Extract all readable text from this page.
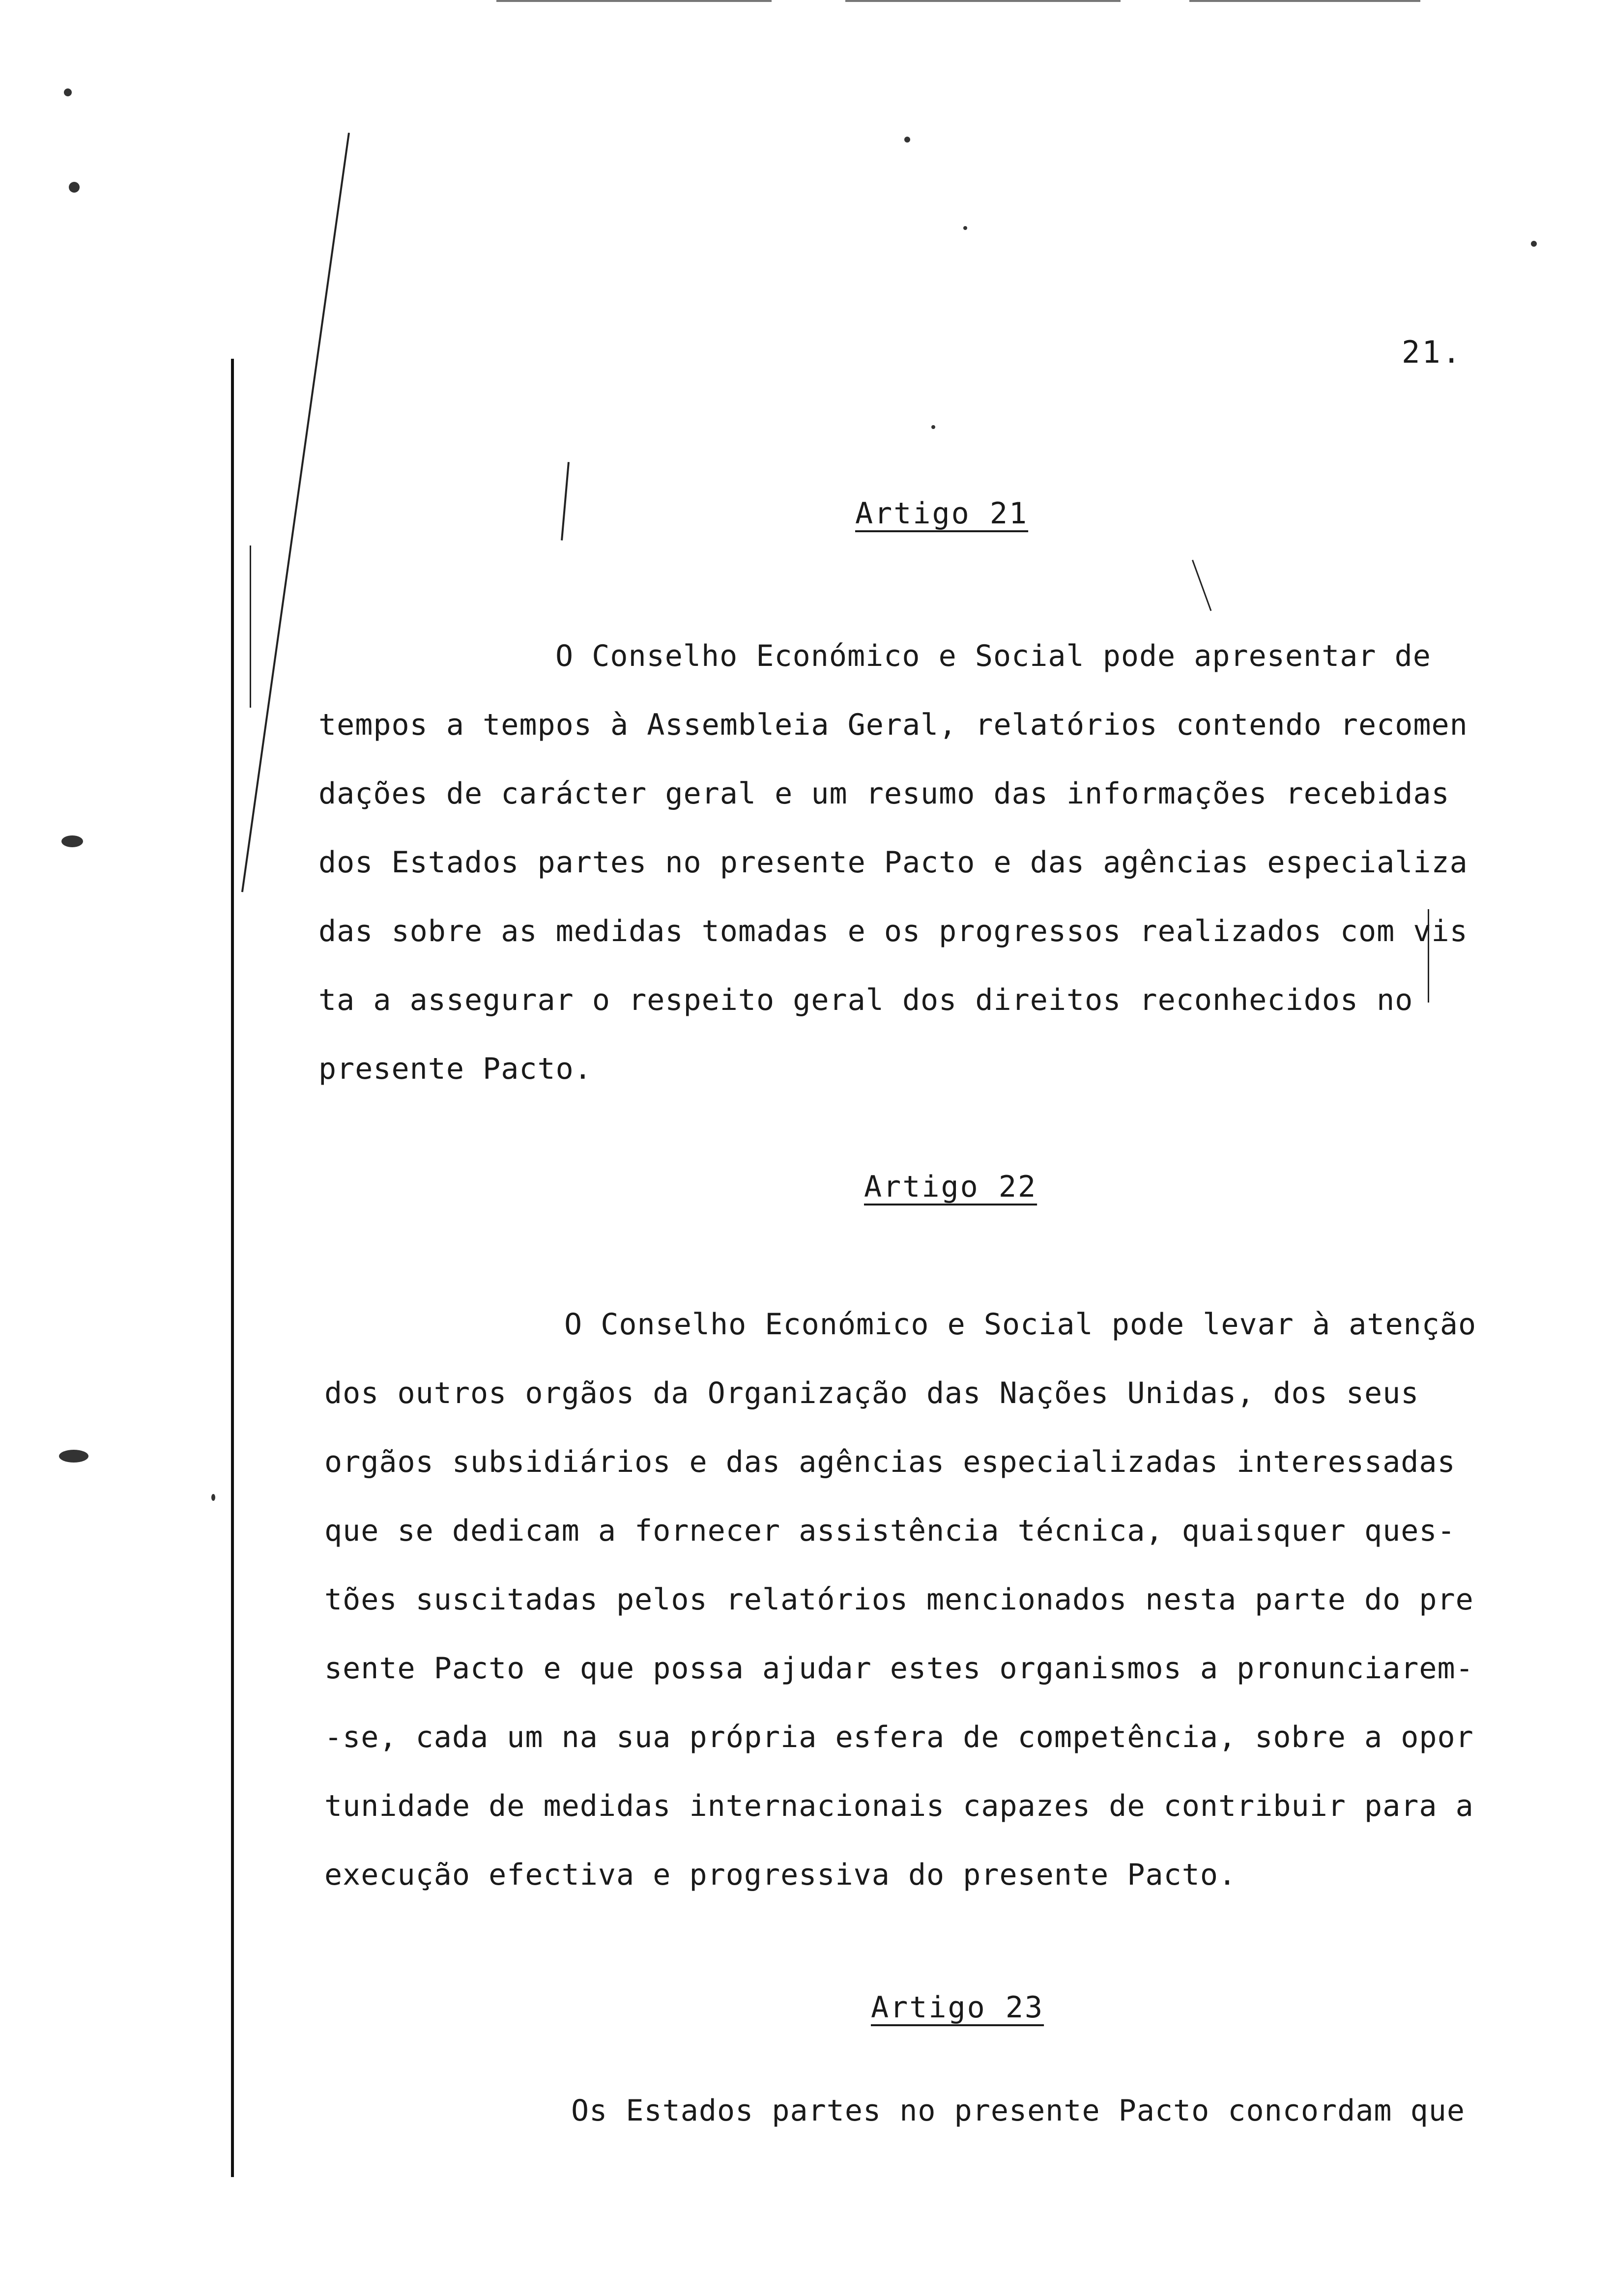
21.
Artigo 21
O Conselho Económico e Social pode apresentar de
tempos a tempos à Assembleia Geral, relatórios contendo recomen
dações de carácter geral e um resumo das informações recebidas
dos Estados partes no presente Pacto e das agências especializa
das sobre as medidas tomadas e os progressos realizados com vis
ta a assegurar o respeito geral dos direitos reconhecidos no
presente Pacto.
Artigo 22
O Conselho Económico e Social pode levar à atenção
dos outros orgãos da Organização das Nações Unidas, dos seus
orgãos subsidiários e das agências especializadas interessadas
que se dedicam a fornecer assistência técnica, quaisquer ques-
tões suscitadas pelos relatórios mencionados nesta parte do pre
sente Pacto e que possa ajudar estes organismos a pronunciarem-
-se, cada um na sua própria esfera de competência, sobre a opor
tunidade de medidas internacionais capazes de contribuir para a
execução efectiva e progressiva do presente Pacto.
Artigo 23
Os Estados partes no presente Pacto concordam que
